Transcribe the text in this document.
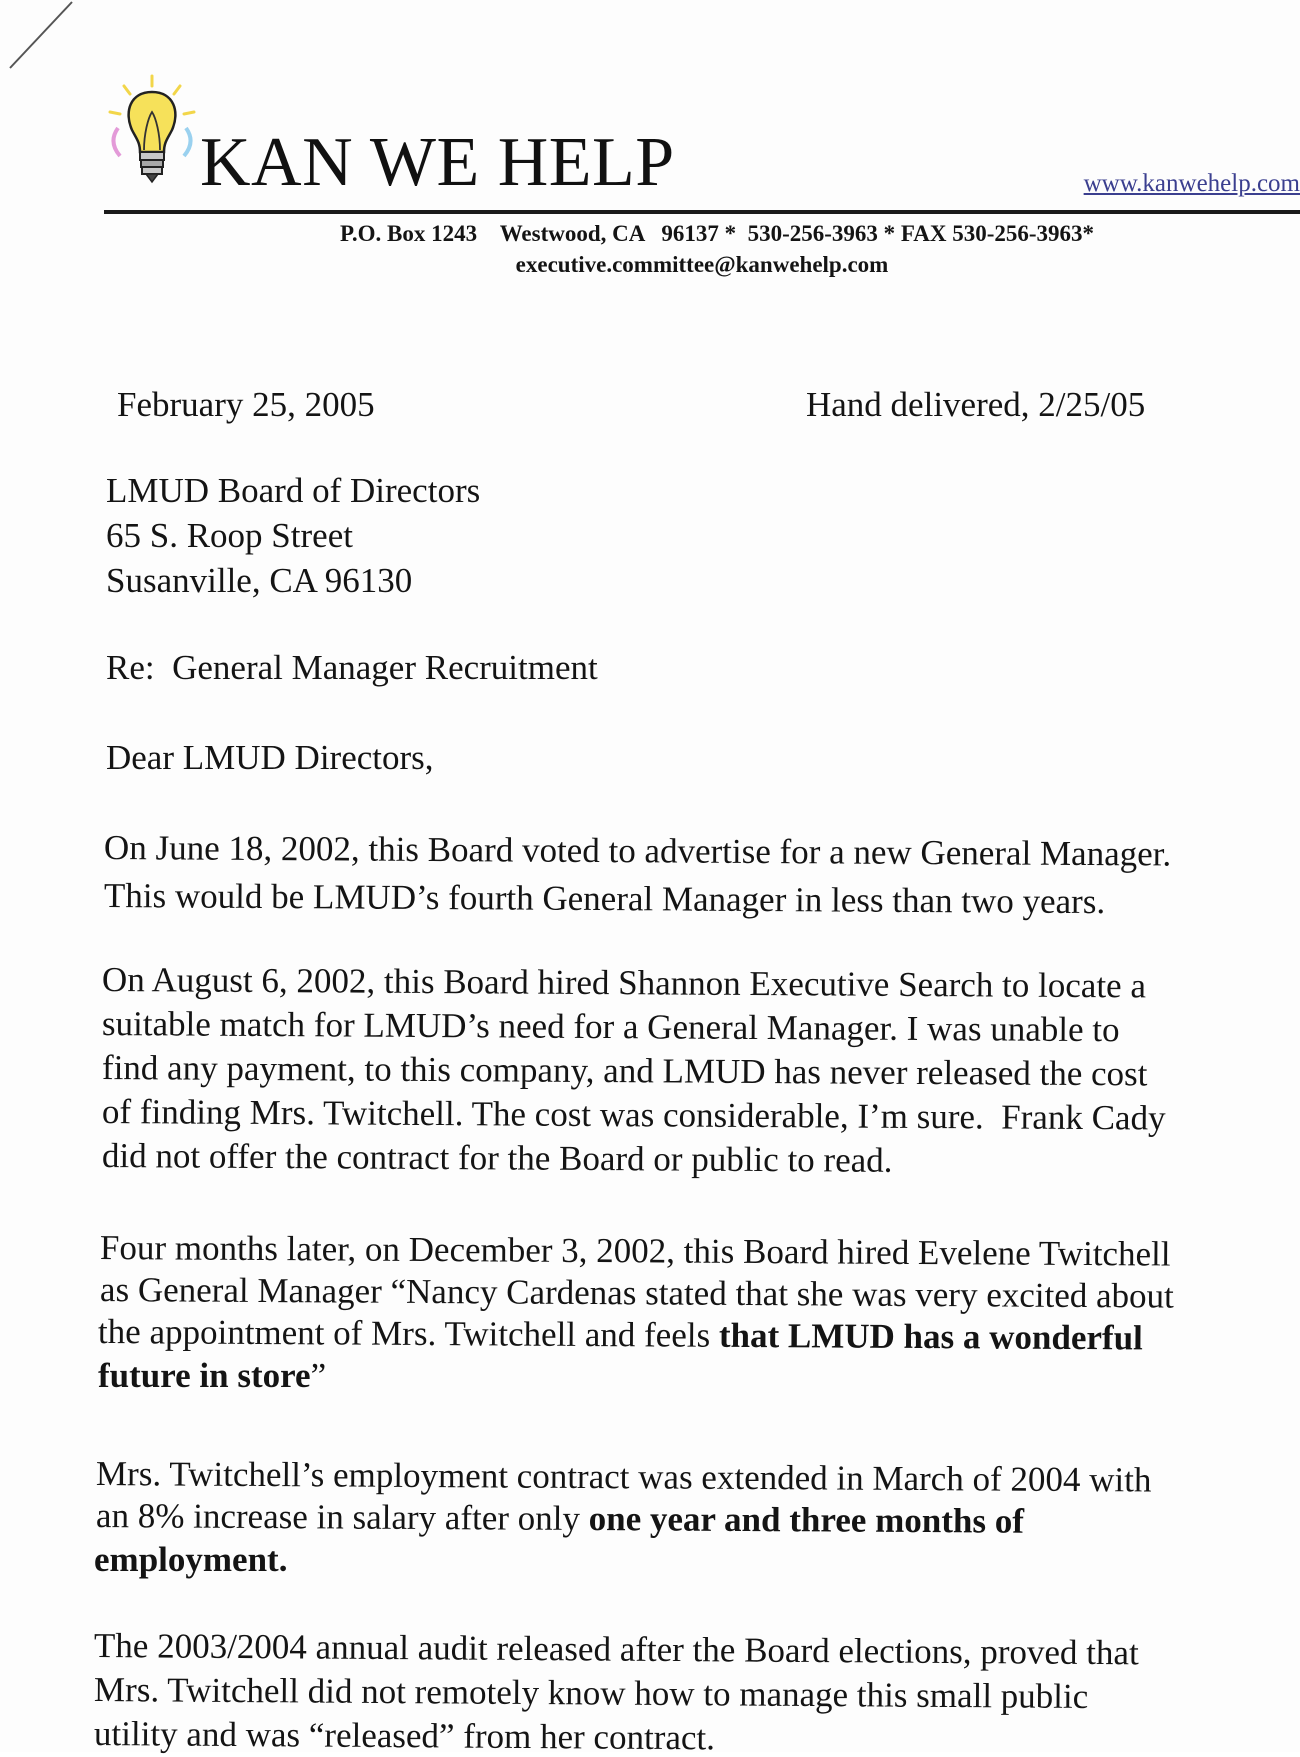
KAN WE HELP	www.kanwehelp.com
P.O. Box 1243    Westwood, CA   96137 *  530-256-3963 * FAX 530-256-3963*
executive.committee@kanwehelp.com
February 25, 2005	Hand delivered, 2/25/05
LMUD Board of Directors
65 S. Roop Street
Susanville, CA 96130
Re:  General Manager Recruitment
Dear LMUD Directors,
On June 18, 2002, this Board voted to advertise for a new General Manager.
This would be LMUD’s fourth General Manager in less than two years.
On August 6, 2002, this Board hired Shannon Executive Search to locate a
suitable match for LMUD’s need for a General Manager. I was unable to
find any payment, to this company, and LMUD has never released the cost
of finding Mrs. Twitchell. The cost was considerable, I’m sure.  Frank Cady
did not offer the contract for the Board or public to read.
Four months later, on December 3, 2002, this Board hired Evelene Twitchell
as General Manager “Nancy Cardenas stated that she was very excited about
the appointment of Mrs. Twitchell and feels that LMUD has a wonderful
future in store”
Mrs. Twitchell’s employment contract was extended in March of 2004 with
an 8% increase in salary after only one year and three months of
employment.
The 2003/2004 annual audit released after the Board elections, proved that
Mrs. Twitchell did not remotely know how to manage this small public
utility and was “released” from her contract.
